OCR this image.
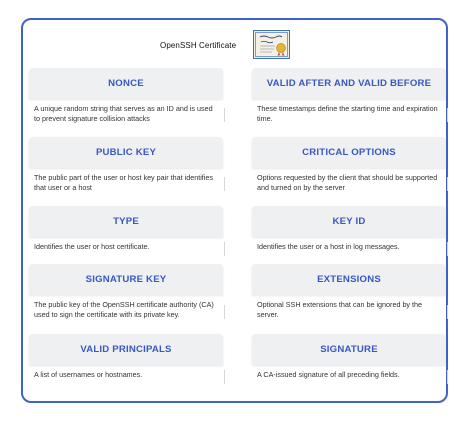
OpenSSH Certificate
NONCE
A unique random string that serves as an ID and is used to prevent signature collision attacks
VALID AFTER AND VALID BEFORE
These timestamps define the starting time and expiration time.
PUBLIC KEY
The public part of the user or host key pair that identifies that user or a host
CRITICAL OPTIONS
Options requested by the client that should be supported and turned on by the server
TYPE
Identifies the user or host certificate.
KEY ID
Identifies the user or a host in log messages.
SIGNATURE KEY
The public key of the OpenSSH certificate authority (CA) used to sign the certificate with its private key.
EXTENSIONS
Optional SSH extensions that can be ignored by the server.
VALID PRINCIPALS
A list of usernames or hostnames.
SIGNATURE
A CA-issued signature of all preceding fields.
